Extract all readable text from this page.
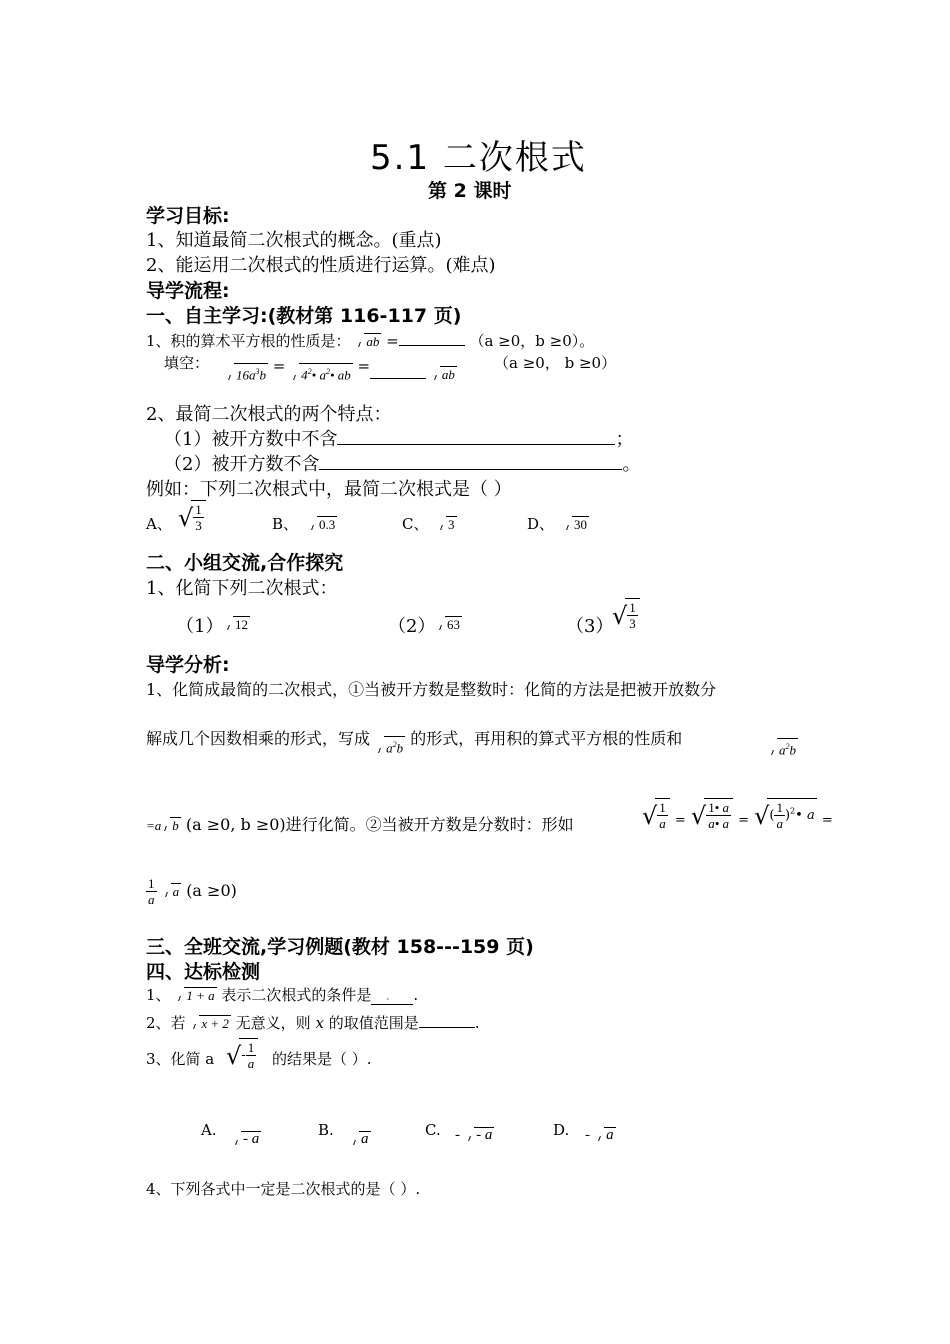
5.1 二次根式
第 2 课时
学习目标:
1、知道最简二次根式的概念。(重点)
2、能运用二次根式的性质进行运算。(难点)
导学流程:
一、自主学习:(教材第 116-117 页)
1、积的算术平方根的性质是： ab =	（a ≥0，b ≥0）。
填空：
$16a^3b$ = $4^2•$ $a^2•$ ab =	ab
（a ≥0， b ≥0）
2、最简二次根式的两个特点：
（1）被开方数中不含	；
（2）被开方数不含	。
例如：下列二次根式中，最简二次根式是（ ）
A、 √ $\frac{1}{3}$	B、	0.3	C、	3	D、	30
二、小组交流,合作探究
1、化简下列二次根式：
（1） 12	（2） 63	（3）
√ $\frac{1}{3}$
导学分析:
1、化简成最简的二次根式，①当被开方数是整数时：化简的方法是把被开放数分
解成几个因数相乘的形式，写成 $a^2b$ 的形式，再用积的算式平方根的性质和
$a^2b$
=a b (a ≥0, b ≥0)进行化简。②当被开方数是分数时：形如	√ $\frac{1}{a}$ = √ $\frac{1• a}{a• a}$ = √ ( $\frac{1}{a}$ )$^2$• a =
$\frac{1}{a}$ a (a ≥0)
三、全班交流,学习例题(教材 158---159 页)
四、达标检测
1、 1 + a 表示二次根式的条件是 . .
2、若 x + 2 无意义，则 x 的取值范围是	.
3、化简 a √ - $\frac{1}{a}$ 的结果是（ ）.
A.	- a	B.	a	C. - - a	D. - a
4、下列各式中一定是二次根式的是（ ）.
